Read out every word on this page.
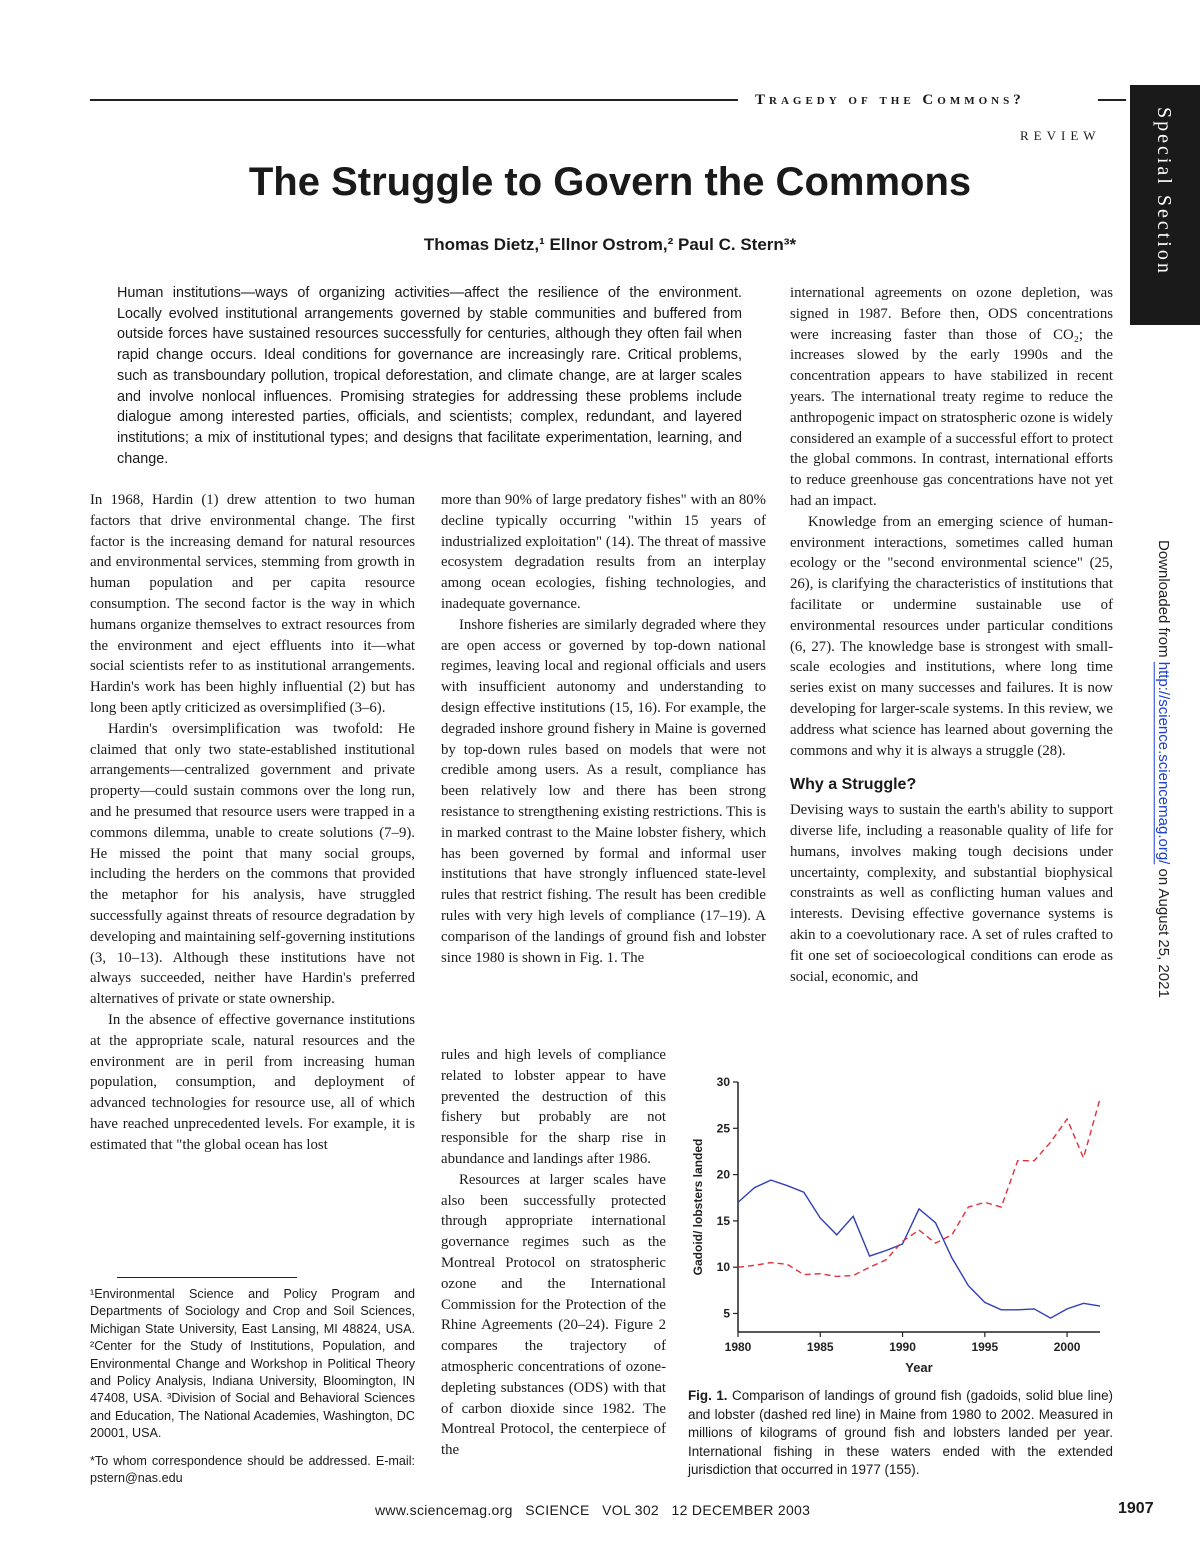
Tragedy of the Commons?
REVIEW	Special Section
Downloaded from http://science.sciencemag.org/ on August 25, 2021
The Struggle to Govern the Commons
Thomas Dietz,¹ Ellnor Ostrom,² Paul C. Stern³*
Human institutions—ways of organizing activities—affect the resilience of the environment. Locally evolved institutional arrangements governed by stable communities and buffered from outside forces have sustained resources successfully for centuries, although they often fail when rapid change occurs. Ideal conditions for governance are increasingly rare. Critical problems, such as transboundary pollution, tropical deforestation, and climate change, are at larger scales and involve nonlocal influences. Promising strategies for addressing these problems include dialogue among interested parties, officials, and scientists; complex, redundant, and layered institutions; a mix of institutional types; and designs that facilitate experimentation, learning, and change.

In 1968, Hardin (1) drew attention to two human factors that drive environmental change. The first factor is the increasing demand for natural resources and environmental services, stemming from growth in human population and per capita resource consumption. The second factor is the way in which humans organize themselves to extract resources from the environment and eject effluents into it—what social scientists refer to as institutional arrangements. Hardin's work has been highly influential (2) but has long been aptly criticized as oversimplified (3–6).

Hardin's oversimplification was twofold: He claimed that only two state-established institutional arrangements—centralized government and private property—could sustain commons over the long run, and he presumed that resource users were trapped in a commons dilemma, unable to create solutions (7–9). He missed the point that many social groups, including the herders on the commons that provided the metaphor for his analysis, have struggled successfully against threats of resource degradation by developing and maintaining self-governing institutions (3, 10–13). Although these institutions have not always succeeded, neither have Hardin's preferred alternatives of private or state ownership.

In the absence of effective governance institutions at the appropriate scale, natural resources and the environment are in peril from increasing human population, consumption, and deployment of advanced technologies for resource use, all of which have reached unprecedented levels. For example, it is estimated that "the global ocean has lost

more than 90% of large predatory fishes" with an 80% decline typically occurring "within 15 years of industrialized exploitation" (14). The threat of massive ecosystem degradation results from an interplay among ocean ecologies, fishing technologies, and inadequate governance.

Inshore fisheries are similarly degraded where they are open access or governed by top-down national regimes, leaving local and regional officials and users with insufficient autonomy and understanding to design effective institutions (15, 16). For example, the degraded inshore ground fishery in Maine is governed by top-down rules based on models that were not credible among users. As a result, compliance has been relatively low and there has been strong resistance to strengthening existing restrictions. This is in marked contrast to the Maine lobster fishery, which has been governed by formal and informal user institutions that have strongly influenced state-level rules that restrict fishing. The result has been credible rules with very high levels of compliance (17–19). A comparison of the landings of ground fish and lobster since 1980 is shown in Fig. 1. The

rules and high levels of compliance related to lobster appear to have prevented the destruction of this fishery but probably are not responsible for the sharp rise in abundance and landings after 1986.

Resources at larger scales have also been successfully protected through appropriate international governance regimes such as the Montreal Protocol on stratospheric ozone and the International Commission for the Protection of the Rhine Agreements (20–24). Figure 2 compares the trajectory of atmospheric concentrations of ozone-depleting substances (ODS) with that of carbon dioxide since 1982. The Montreal Protocol, the centerpiece of the

international agreements on ozone depletion, was signed in 1987. Before then, ODS concentrations were increasing faster than those of CO₂; the increases slowed by the early 1990s and the concentration appears to have stabilized in recent years. The international treaty regime to reduce the anthropogenic impact on stratospheric ozone is widely considered an example of a successful effort to protect the global commons. In contrast, international efforts to reduce greenhouse gas concentrations have not yet had an impact.

Knowledge from an emerging science of human-environment interactions, sometimes called human ecology or the "second environmental science" (25, 26), is clarifying the characteristics of institutions that facilitate or undermine sustainable use of environmental resources under particular conditions (6, 27). The knowledge base is strongest with small-scale ecologies and institutions, where long time series exist on many successes and failures. It is now developing for larger-scale systems. In this review, we address what science has learned about governing the commons and why it is always a struggle (28).

Why a Struggle?

Devising ways to sustain the earth's ability to support diverse life, including a reasonable quality of life for humans, involves making tough decisions under uncertainty, complexity, and substantial biophysical constraints as well as conflicting human values and interests. Devising effective governance systems is akin to a coevolutionary race. A set of rules crafted to fit one set of socioecological conditions can erode as social, economic, and

¹Environmental Science and Policy Program and Departments of Sociology and Crop and Soil Sciences, Michigan State University, East Lansing, MI 48824, USA. ²Center for the Study of Institutions, Population, and Environmental Change and Workshop in Political Theory and Policy Analysis, Indiana University, Bloomington, IN 47408, USA. ³Division of Social and Behavioral Sciences and Education, The National Academies, Washington, DC 20001, USA.

*To whom correspondence should be addressed. E-mail: pstern@nas.edu

5
10
15
20
25
30
1980	1985	1990	1995	2000
Year
Gadoid/ lobsters landed
Fig. 1. Comparison of landings of ground fish (gadoids, solid blue line) and lobster (dashed red line) in Maine from 1980 to 2002. Measured in millions of kilograms of ground fish and lobsters landed per year. International fishing in these waters ended with the extended jurisdiction that occurred in 1977 (155).
www.sciencemag.org   SCIENCE   VOL 302   12 DECEMBER 2003	1907
